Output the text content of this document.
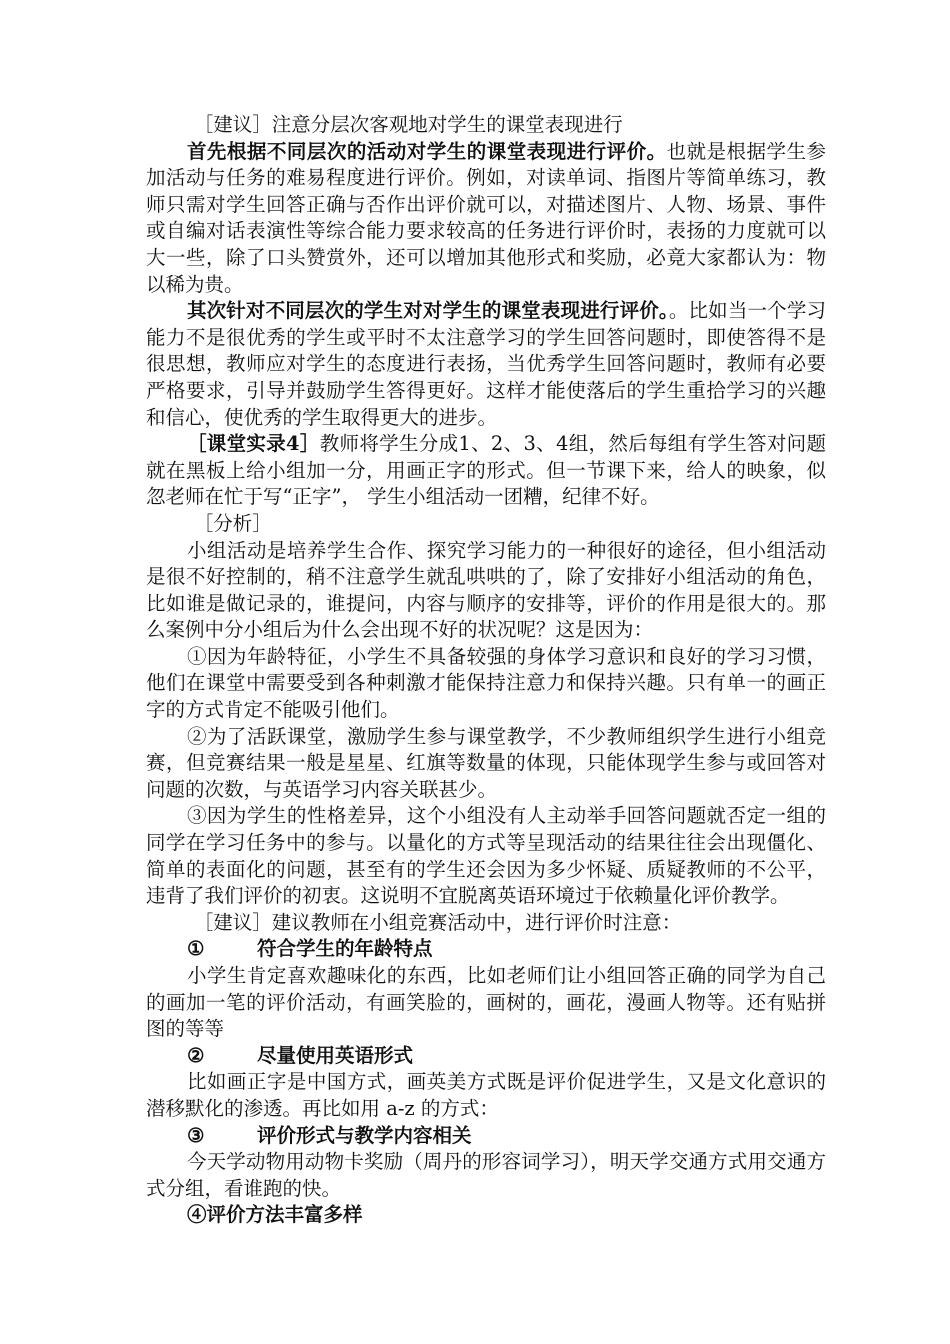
［建议］注意分层次客观地对学生的课堂表现进行

首先根据不同层次的活动对学生的课堂表现进行评价。也就是根据学生参加活动与任务的难易程度进行评价。例如，对读单词、指图片等简单练习，教师只需对学生回答正确与否作出评价就可以，对描述图片、人物、场景、事件或自编对话表演性等综合能力要求较高的任务进行评价时，表扬的力度就可以大一些，除了口头赞赏外，还可以增加其他形式和奖励，必竟大家都认为：物以稀为贵。

其次针对不同层次的学生对对学生的课堂表现进行评价。。比如当一个学习能力不是很优秀的学生或平时不太注意学习的学生回答问题时，即使答得不是很思想，教师应对学生的态度进行表扬，当优秀学生回答问题时，教师有必要严格要求，引导并鼓励学生答得更好。这样才能使落后的学生重拾学习的兴趣和信心，使优秀的学生取得更大的进步。

［课堂实录4］教师将学生分成1、2、3、4组，然后每组有学生答对问题就在黑板上给小组加一分，用画正字的形式。但一节课下来，给人的映象，似忽老师在忙于写“正字”， 学生小组活动一团糟，纪律不好。

［分析］

小组活动是培养学生合作、探究学习能力的一种很好的途径，但小组活动是很不好控制的，稍不注意学生就乱哄哄的了，除了安排好小组活动的角色，比如谁是做记录的，谁提问，内容与顺序的安排等，评价的作用是很大的。那么案例中分小组后为什么会出现不好的状况呢？这是因为：

①因为年龄特征，小学生不具备较强的身体学习意识和良好的学习习惯，他们在课堂中需要受到各种刺激才能保持注意力和保持兴趣。只有单一的画正字的方式肯定不能吸引他们。

②为了活跃课堂，激励学生参与课堂教学，不少教师组织学生进行小组竞赛，但竞赛结果一般是星星、红旗等数量的体现，只能体现学生参与或回答对问题的次数，与英语学习内容关联甚少。

③因为学生的性格差异，这个小组没有人主动举手回答问题就否定一组的同学在学习任务中的参与。以量化的方式等呈现活动的结果往往会出现僵化、简单的表面化的问题，甚至有的学生还会因为多少怀疑、质疑教师的不公平，违背了我们评价的初衷。这说明不宜脱离英语环境过于依赖量化评价教学。

［建议］建议教师在小组竞赛活动中，进行评价时注意：

①	符合学生的年龄特点

小学生肯定喜欢趣味化的东西，比如老师们让小组回答正确的同学为自己的画加一笔的评价活动，有画笑脸的，画树的，画花，漫画人物等。还有贴拼图的等等

②	尽量使用英语形式

比如画正字是中国方式，画英美方式既是评价促进学生，又是文化意识的潜移默化的渗透。再比如用 a-z 的方式：

③	评价形式与教学内容相关

今天学动物用动物卡奖励（周丹的形容词学习），明天学交通方式用交通方式分组，看谁跑的快。

④评价方法丰富多样
